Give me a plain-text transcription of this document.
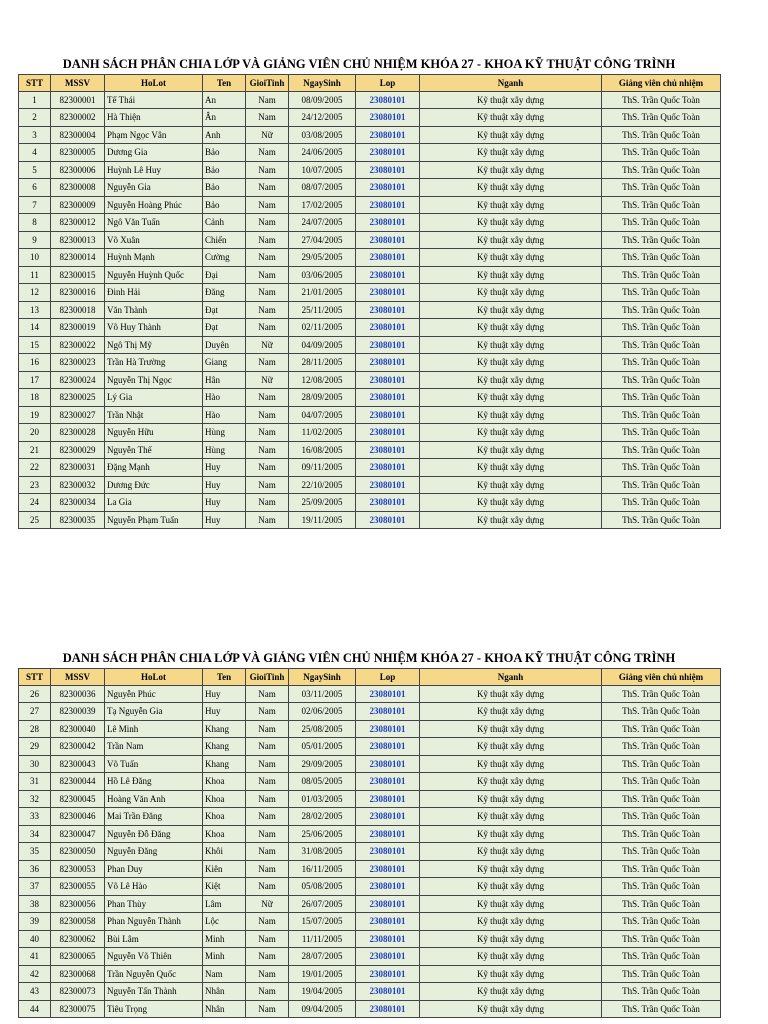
DANH SÁCH PHÂN CHIA LỚP VÀ GIẢNG VIÊN CHỦ NHIỆM KHÓA 27 - KHOA KỸ THUẬT CÔNG TRÌNH
STT	MSSV	HoLot	Ten	GioiTinh	NgaySinh	Lop	Nganh	Giảng viên chủ nhiệm
1	82300001	Tế Thái	An	Nam	08/09/2005	23080101	Kỹ thuật xây dựng	ThS. Trần Quốc Toàn
2	82300002	Hà Thiện	Ân	Nam	24/12/2005	23080101	Kỹ thuật xây dựng	ThS. Trần Quốc Toàn
3	82300004	Phạm Ngọc Vân	Anh	Nữ	03/08/2005	23080101	Kỹ thuật xây dựng	ThS. Trần Quốc Toàn
4	82300005	Dương Gia	Bảo	Nam	24/06/2005	23080101	Kỹ thuật xây dựng	ThS. Trần Quốc Toàn
5	82300006	Huỳnh Lê Huy	Bảo	Nam	10/07/2005	23080101	Kỹ thuật xây dựng	ThS. Trần Quốc Toàn
6	82300008	Nguyễn Gia	Bảo	Nam	08/07/2005	23080101	Kỹ thuật xây dựng	ThS. Trần Quốc Toàn
7	82300009	Nguyễn Hoàng Phúc	Bảo	Nam	17/02/2005	23080101	Kỹ thuật xây dựng	ThS. Trần Quốc Toàn
8	82300012	Ngô Văn Tuấn	Cảnh	Nam	24/07/2005	23080101	Kỹ thuật xây dựng	ThS. Trần Quốc Toàn
9	82300013	Võ Xuân	Chiến	Nam	27/04/2005	23080101	Kỹ thuật xây dựng	ThS. Trần Quốc Toàn
10	82300014	Huỳnh Mạnh	Cường	Nam	29/05/2005	23080101	Kỹ thuật xây dựng	ThS. Trần Quốc Toàn
11	82300015	Nguyễn Huỳnh Quốc	Đại	Nam	03/06/2005	23080101	Kỹ thuật xây dựng	ThS. Trần Quốc Toàn
12	82300016	Đinh Hải	Đăng	Nam	21/01/2005	23080101	Kỹ thuật xây dựng	ThS. Trần Quốc Toàn
13	82300018	Văn Thành	Đạt	Nam	25/11/2005	23080101	Kỹ thuật xây dựng	ThS. Trần Quốc Toàn
14	82300019	Võ Huy Thành	Đạt	Nam	02/11/2005	23080101	Kỹ thuật xây dựng	ThS. Trần Quốc Toàn
15	82300022	Ngô Thị Mỹ	Duyên	Nữ	04/09/2005	23080101	Kỹ thuật xây dựng	ThS. Trần Quốc Toàn
16	82300023	Trần Hà Trường	Giang	Nam	28/11/2005	23080101	Kỹ thuật xây dựng	ThS. Trần Quốc Toàn
17	82300024	Nguyễn Thị Ngọc	Hân	Nữ	12/08/2005	23080101	Kỹ thuật xây dựng	ThS. Trần Quốc Toàn
18	82300025	Lý Gia	Hào	Nam	28/09/2005	23080101	Kỹ thuật xây dựng	ThS. Trần Quốc Toàn
19	82300027	Trần Nhật	Hào	Nam	04/07/2005	23080101	Kỹ thuật xây dựng	ThS. Trần Quốc Toàn
20	82300028	Nguyễn Hữu	Hùng	Nam	11/02/2005	23080101	Kỹ thuật xây dựng	ThS. Trần Quốc Toàn
21	82300029	Nguyễn Thế	Hùng	Nam	16/08/2005	23080101	Kỹ thuật xây dựng	ThS. Trần Quốc Toàn
22	82300031	Đặng Mạnh	Huy	Nam	09/11/2005	23080101	Kỹ thuật xây dựng	ThS. Trần Quốc Toàn
23	82300032	Dương Đức	Huy	Nam	22/10/2005	23080101	Kỹ thuật xây dựng	ThS. Trần Quốc Toàn
24	82300034	La Gia	Huy	Nam	25/09/2005	23080101	Kỹ thuật xây dựng	ThS. Trần Quốc Toàn
25	82300035	Nguyễn Phạm Tuấn	Huy	Nam	19/11/2005	23080101	Kỹ thuật xây dựng	ThS. Trần Quốc Toàn
DANH SÁCH PHÂN CHIA LỚP VÀ GIẢNG VIÊN CHỦ NHIỆM KHÓA 27 - KHOA KỸ THUẬT CÔNG TRÌNH
STT	MSSV	HoLot	Ten	GioiTinh	NgaySinh	Lop	Nganh	Giảng viên chủ nhiệm
26	82300036	Nguyễn Phúc	Huy	Nam	03/11/2005	23080101	Kỹ thuật xây dựng	ThS. Trần Quốc Toàn
27	82300039	Tạ Nguyễn Gia	Huy	Nam	02/06/2005	23080101	Kỹ thuật xây dựng	ThS. Trần Quốc Toàn
28	82300040	Lê Minh	Khang	Nam	25/08/2005	23080101	Kỹ thuật xây dựng	ThS. Trần Quốc Toàn
29	82300042	Trần Nam	Khang	Nam	05/01/2005	23080101	Kỹ thuật xây dựng	ThS. Trần Quốc Toàn
30	82300043	Võ Tuấn	Khang	Nam	29/09/2005	23080101	Kỹ thuật xây dựng	ThS. Trần Quốc Toàn
31	82300044	Hồ Lê Đăng	Khoa	Nam	08/05/2005	23080101	Kỹ thuật xây dựng	ThS. Trần Quốc Toàn
32	82300045	Hoàng Văn Anh	Khoa	Nam	01/03/2005	23080101	Kỹ thuật xây dựng	ThS. Trần Quốc Toàn
33	82300046	Mai Trần Đăng	Khoa	Nam	28/02/2005	23080101	Kỹ thuật xây dựng	ThS. Trần Quốc Toàn
34	82300047	Nguyễn Đỗ Đăng	Khoa	Nam	25/06/2005	23080101	Kỹ thuật xây dựng	ThS. Trần Quốc Toàn
35	82300050	Nguyễn Đăng	Khôi	Nam	31/08/2005	23080101	Kỹ thuật xây dựng	ThS. Trần Quốc Toàn
36	82300053	Phan Duy	Kiên	Nam	16/11/2005	23080101	Kỹ thuật xây dựng	ThS. Trần Quốc Toàn
37	82300055	Võ Lê Hào	Kiệt	Nam	05/08/2005	23080101	Kỹ thuật xây dựng	ThS. Trần Quốc Toàn
38	82300056	Phan Thùy	Lâm	Nữ	26/07/2005	23080101	Kỹ thuật xây dựng	ThS. Trần Quốc Toàn
39	82300058	Phan Nguyễn Thành	Lộc	Nam	15/07/2005	23080101	Kỹ thuật xây dựng	ThS. Trần Quốc Toàn
40	82300062	Bùi Lâm	Minh	Nam	11/11/2005	23080101	Kỹ thuật xây dựng	ThS. Trần Quốc Toàn
41	82300065	Nguyễn Võ Thiên	Minh	Nam	28/07/2005	23080101	Kỹ thuật xây dựng	ThS. Trần Quốc Toàn
42	82300068	Trần Nguyễn Quốc	Nam	Nam	19/01/2005	23080101	Kỹ thuật xây dựng	ThS. Trần Quốc Toàn
43	82300073	Nguyễn Tấn Thành	Nhân	Nam	19/04/2005	23080101	Kỹ thuật xây dựng	ThS. Trần Quốc Toàn
44	82300075	Tiêu Trọng	Nhân	Nam	09/04/2005	23080101	Kỹ thuật xây dựng	ThS. Trần Quốc Toàn
